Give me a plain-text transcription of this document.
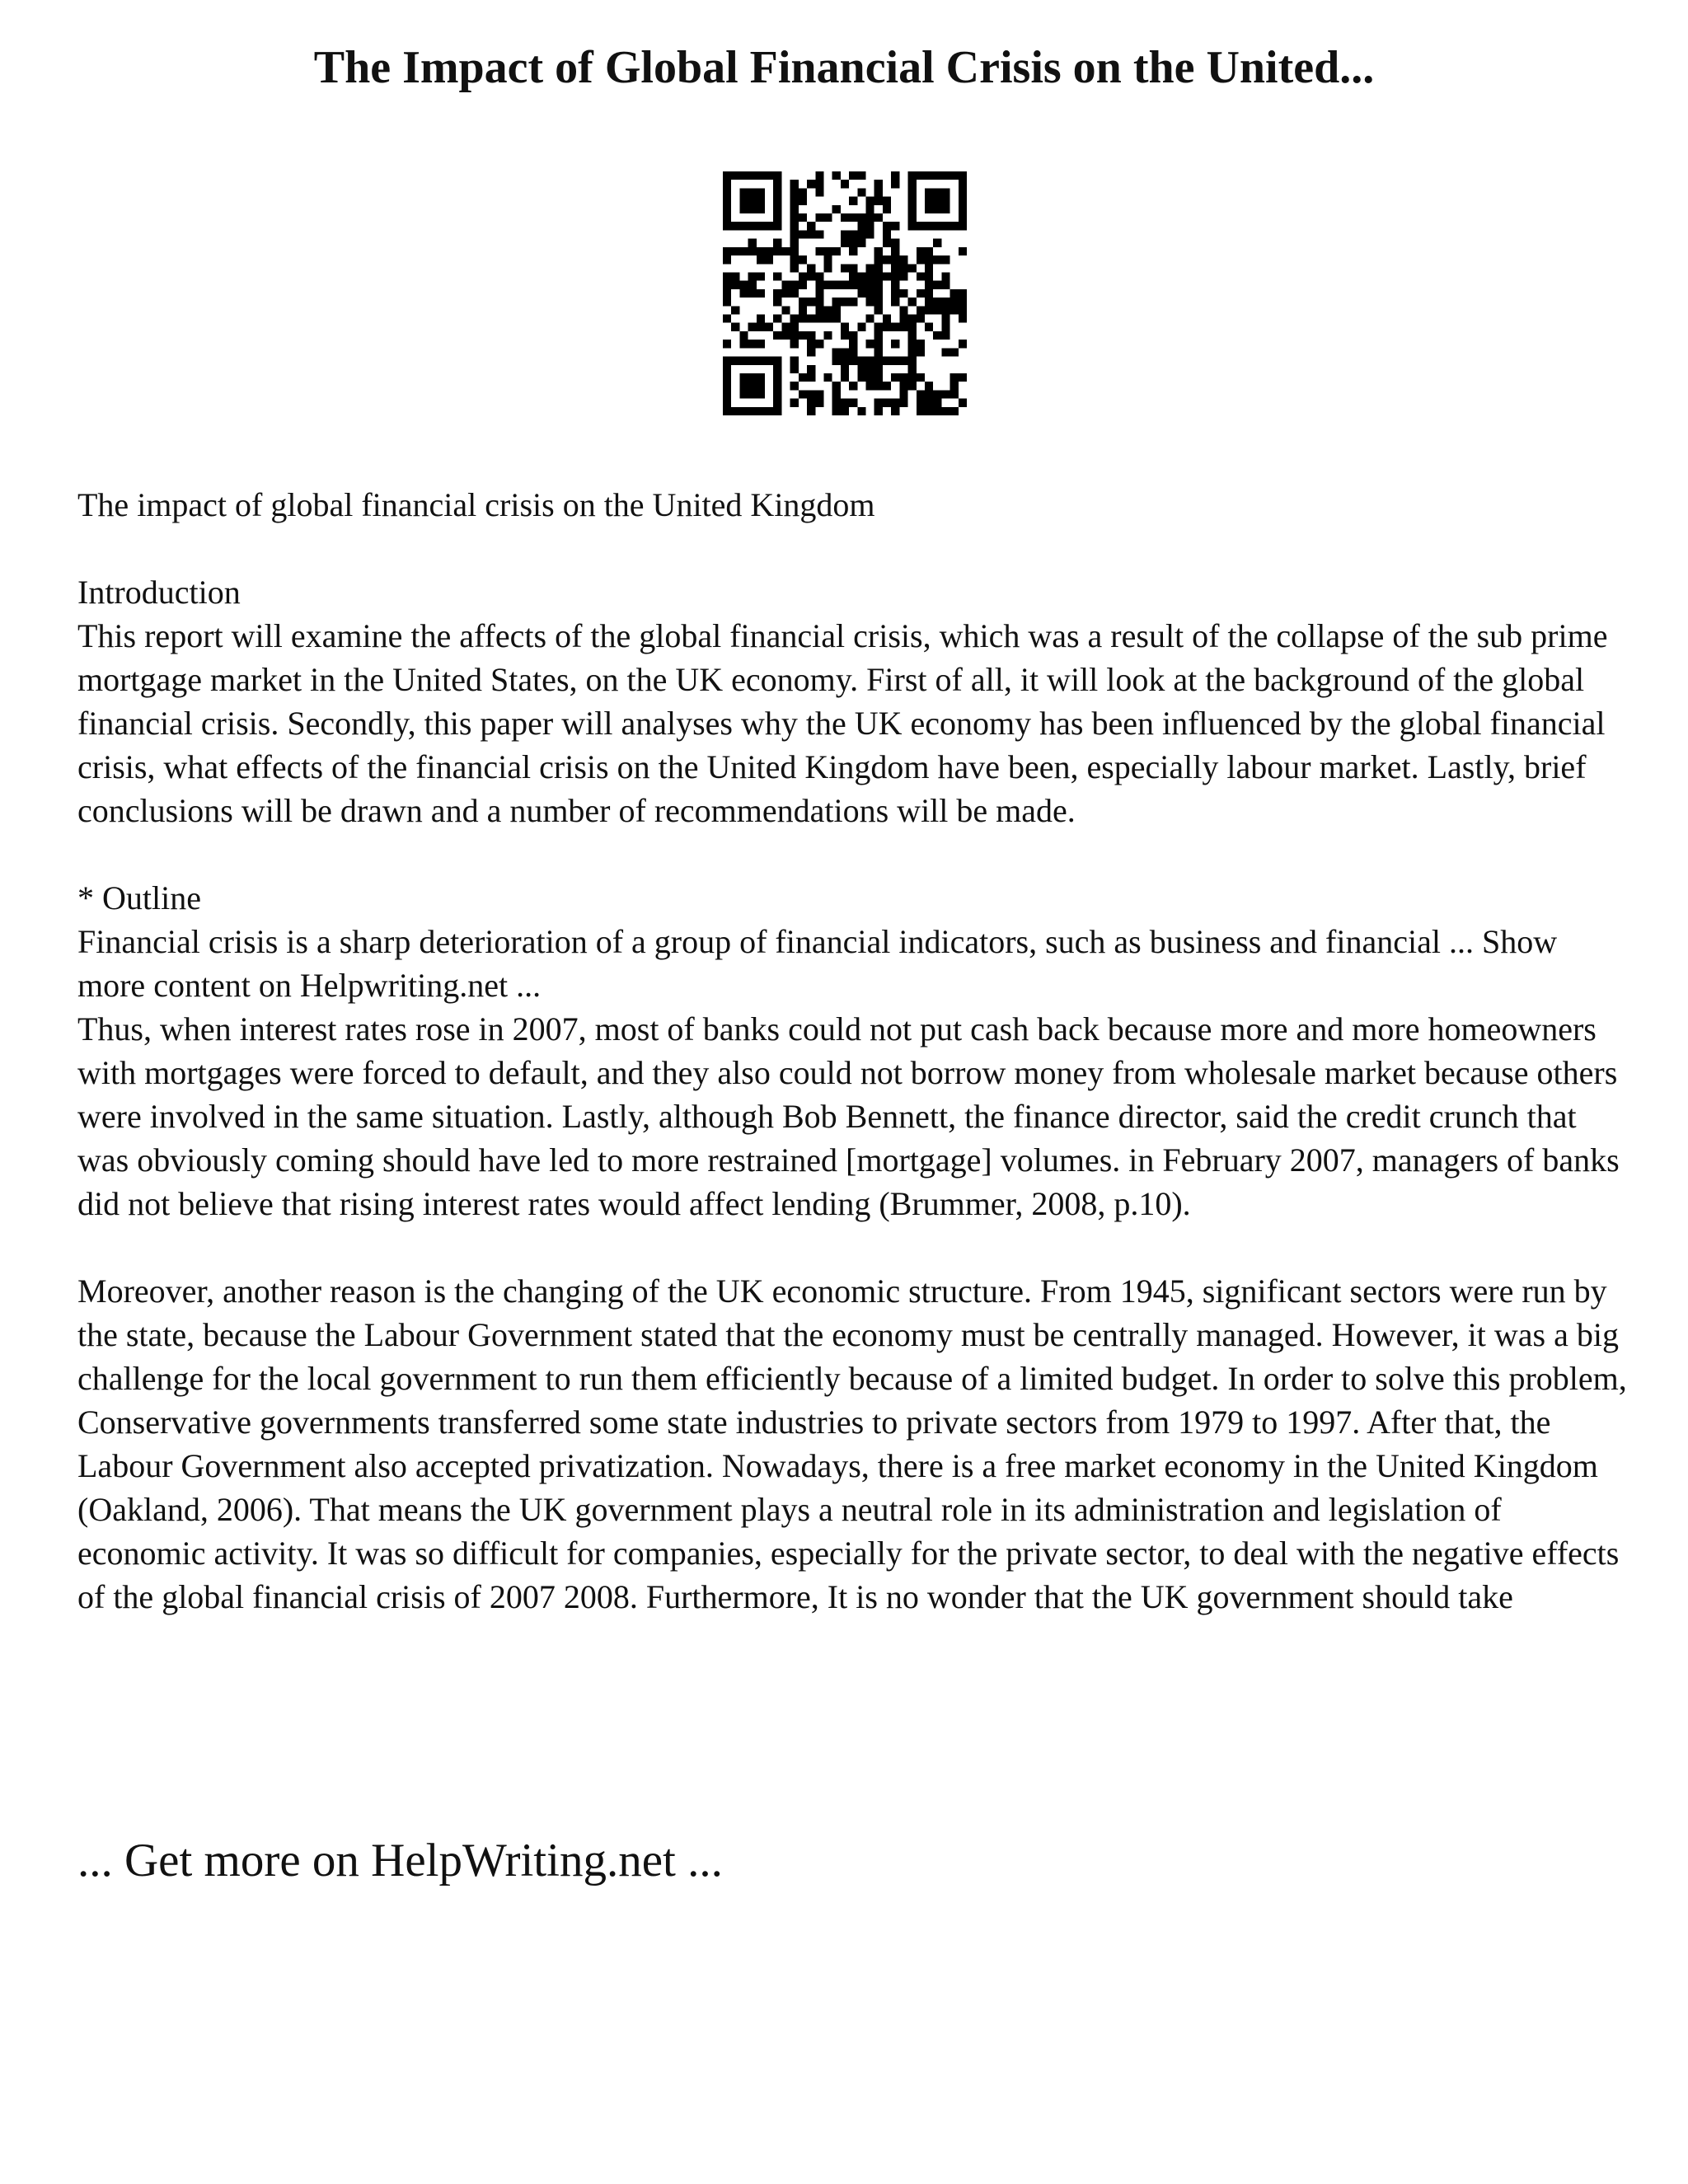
The Impact of Global Financial Crisis on the United...

The impact of global financial crisis on the United Kingdom

Introduction

This report will examine the affects of the global financial crisis, which was a result of the collapse of the sub prime mortgage market in the United States, on the UK economy. First of all, it will look at the background of the global financial crisis. Secondly, this paper will analyses why the UK economy has been influenced by the global financial crisis, what effects of the financial crisis on the United Kingdom have been, especially labour market. Lastly, brief conclusions will be drawn and a number of recommendations will be made.

* Outline

Financial crisis is a sharp deterioration of a group of financial indicators, such as business and financial ... Show more content on Helpwriting.net ...

Thus, when interest rates rose in 2007, most of banks could not put cash back because more and more homeowners with mortgages were forced to default, and they also could not borrow money from wholesale market because others were involved in the same situation. Lastly, although Bob Bennett, the finance director, said the credit crunch that was obviously coming should have led to more restrained [mortgage] volumes. in February 2007, managers of banks did not believe that rising interest rates would affect lending (Brummer, 2008, p.10).

Moreover, another reason is the changing of the UK economic structure. From 1945, significant sectors were run by the state, because the Labour Government stated that the economy must be centrally managed. However, it was a big challenge for the local government to run them efficiently because of a limited budget. In order to solve this problem, Conservative governments transferred some state industries to private sectors from 1979 to 1997. After that, the Labour Government also accepted privatization. Nowadays, there is a free market economy in the United Kingdom (Oakland, 2006). That means the UK government plays a neutral role in its administration and legislation of economic activity. It was so difficult for companies, especially for the private sector, to deal with the negative effects of the global financial crisis of 2007 2008. Furthermore, It is no wonder that the UK government should take

... Get more on HelpWriting.net ...
